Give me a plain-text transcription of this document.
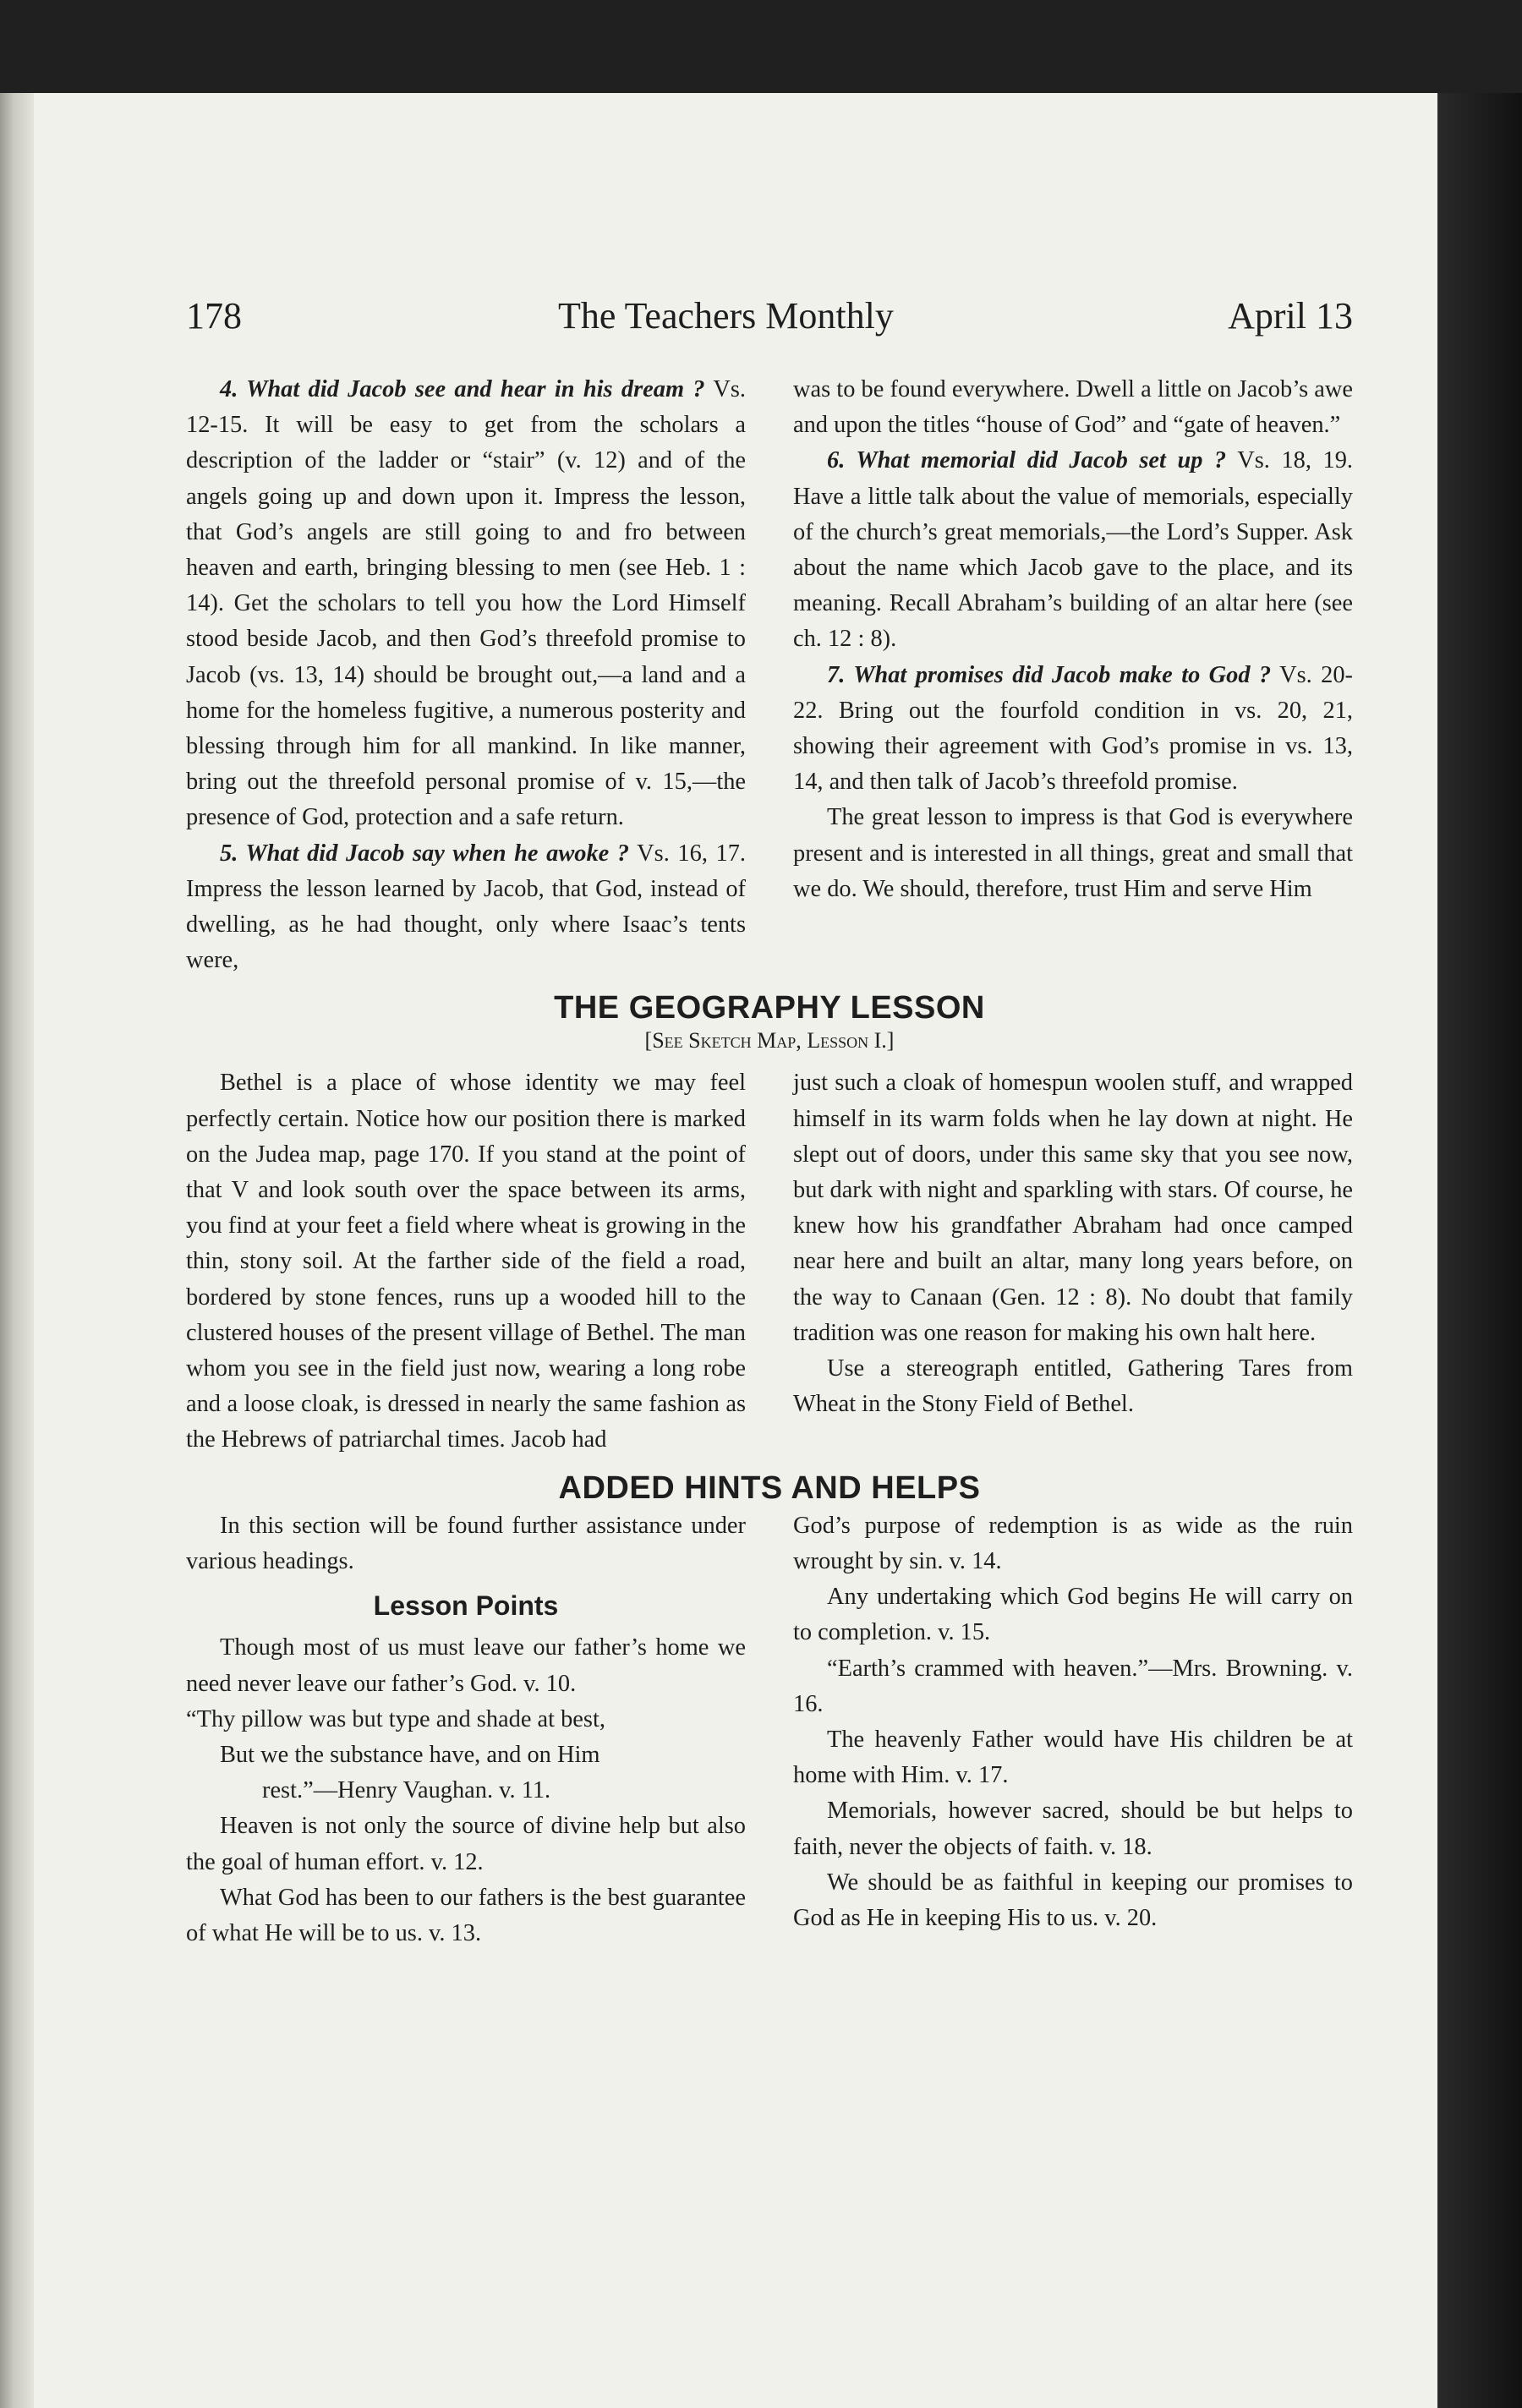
178	The Teachers Monthly	April 13

4. What did Jacob see and hear in his dream ? Vs. 12-15. It will be easy to get from the scholars a description of the ladder or “stair” (v. 12) and of the angels going up and down upon it. Impress the lesson, that God’s angels are still going to and fro between heaven and earth, bringing blessing to men (see Heb. 1 : 14). Get the scholars to tell you how the Lord Himself stood beside Jacob, and then God’s threefold promise to Jacob (vs. 13, 14) should be brought out,—a land and a home for the homeless fugitive, a numerous posterity and blessing through him for all mankind. In like manner, bring out the threefold personal promise of v. 15,—the presence of God, protection and a safe return.

5. What did Jacob say when he awoke ? Vs. 16, 17. Impress the lesson learned by Jacob, that God, instead of dwelling, as he had thought, only where Isaac’s tents were,

was to be found everywhere. Dwell a little on Jacob’s awe and upon the titles “house of God” and “gate of heaven.”

6. What memorial did Jacob set up ? Vs. 18, 19. Have a little talk about the value of memorials, especially of the church’s great memorials,—the Lord’s Supper. Ask about the name which Jacob gave to the place, and its meaning. Recall Abraham’s building of an altar here (see ch. 12 : 8).

7. What promises did Jacob make to God ? Vs. 20-22. Bring out the fourfold condition in vs. 20, 21, showing their agreement with God’s promise in vs. 13, 14, and then talk of Jacob’s threefold promise.

The great lesson to impress is that God is everywhere present and is interested in all things, great and small that we do. We should, therefore, trust Him and serve Him

THE GEOGRAPHY LESSON
[See Sketch Map, Lesson I.]

Bethel is a place of whose identity we may feel perfectly certain. Notice how our position there is marked on the Judea map, page 170. If you stand at the point of that V and look south over the space between its arms, you find at your feet a field where wheat is growing in the thin, stony soil. At the farther side of the field a road, bordered by stone fences, runs up a wooded hill to the clustered houses of the present village of Bethel. The man whom you see in the field just now, wearing a long robe and a loose cloak, is dressed in nearly the same fashion as the Hebrews of patriarchal times. Jacob had

just such a cloak of homespun woolen stuff, and wrapped himself in its warm folds when he lay down at night. He slept out of doors, under this same sky that you see now, but dark with night and sparkling with stars. Of course, he knew how his grandfather Abraham had once camped near here and built an altar, many long years before, on the way to Canaan (Gen. 12 : 8). No doubt that family tradition was one reason for making his own halt here.

Use a stereograph entitled, Gathering Tares from Wheat in the Stony Field of Bethel.

ADDED HINTS AND HELPS

In this section will be found further assistance under various headings.

Lesson Points

Though most of us must leave our father’s home we need never leave our father’s God. v. 10.

“Thy pillow was but type and shade at best,

But we the substance have, and on Him

rest.”—Henry Vaughan. v. 11.

Heaven is not only the source of divine help but also the goal of human effort. v. 12.

What God has been to our fathers is the best guarantee of what He will be to us. v. 13.

God’s purpose of redemption is as wide as the ruin wrought by sin. v. 14.

Any undertaking which God begins He will carry on to completion. v. 15.

“Earth’s crammed with heaven.”—Mrs. Browning. v. 16.

The heavenly Father would have His children be at home with Him. v. 17.

Memorials, however sacred, should be but helps to faith, never the objects of faith. v. 18.

We should be as faithful in keeping our promises to God as He in keeping His to us. v. 20.
